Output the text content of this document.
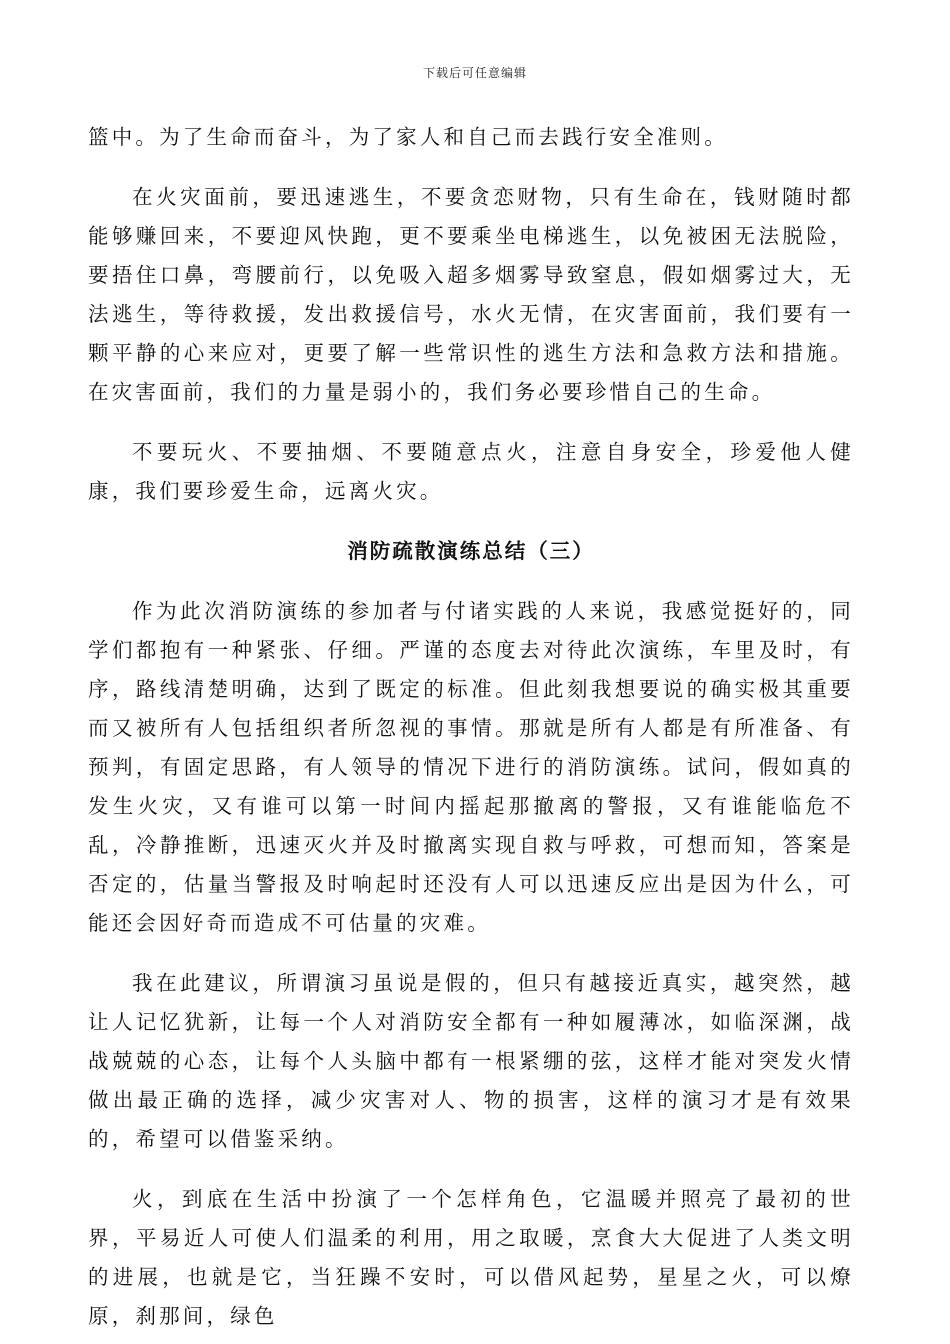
下载后可任意编辑

篮中。为了生命而奋斗，为了家人和自己而去践行安全准则。

在火灾面前，要迅速逃生，不要贪恋财物，只有生命在，钱财随时都能够赚回来，不要迎风快跑，更不要乘坐电梯逃生，以免被困无法脱险，要捂住口鼻，弯腰前行，以免吸入超多烟雾导致窒息，假如烟雾过大，无法逃生，等待救援，发出救援信号，水火无情，在灾害面前，我们要有一颗平静的心来应对，更要了解一些常识性的逃生方法和急救方法和措施。在灾害面前，我们的力量是弱小的，我们务必要珍惜自己的生命。

不要玩火、不要抽烟、不要随意点火，注意自身安全，珍爱他人健康，我们要珍爱生命，远离火灾。

消防疏散演练总结（三）

作为此次消防演练的参加者与付诸实践的人来说，我感觉挺好的，同学们都抱有一种紧张、仔细。严谨的态度去对待此次演练，车里及时，有序，路线清楚明确，达到了既定的标准。但此刻我想要说的确实极其重要而又被所有人包括组织者所忽视的事情。那就是所有人都是有所准备、有预判，有固定思路，有人领导的情况下进行的消防演练。试问，假如真的发生火灾，又有谁可以第一时间内摇起那撤离的警报，又有谁能临危不乱，冷静推断，迅速灭火并及时撤离实现自救与呼救，可想而知，答案是否定的，估量当警报及时响起时还没有人可以迅速反应出是因为什么，可能还会因好奇而造成不可估量的灾难。

我在此建议，所谓演习虽说是假的，但只有越接近真实，越突然，越让人记忆犹新，让每一个人对消防安全都有一种如履薄冰，如临深渊，战战兢兢的心态，让每个人头脑中都有一根紧绷的弦，这样才能对突发火情做出最正确的选择，减少灾害对人、物的损害，这样的演习才是有效果的，希望可以借鉴采纳。

火，到底在生活中扮演了一个怎样角色，它温暖并照亮了最初的世界，平易近人可使人们温柔的利用，用之取暖，烹食大大促进了人类文明的进展，也就是它，当狂躁不安时，可以借风起势，星星之火，可以燎原，刹那间，绿色
